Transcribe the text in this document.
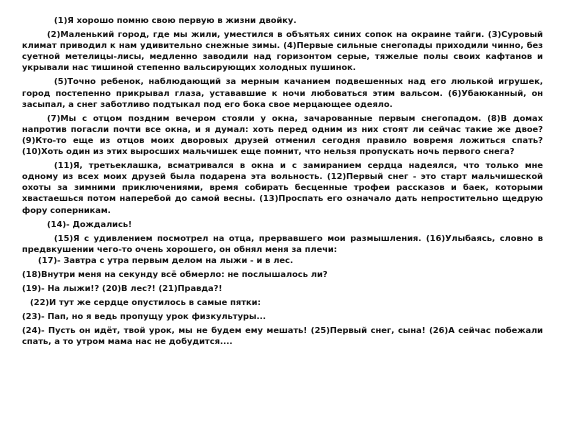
(1)Я хорошо помню свою первую в жизни двойку.

(2)Маленький город, где мы жили, уместился в объятьях синих сопок на окраине тайги. (3)Суровый климат приводил к нам удивительно снежные зимы. (4)Первые сильные снегопады приходили чинно, без суетной метелицы-лисы, медленно заводили над горизонтом серые, тяжелые полы своих кафтанов и укрывали нас тишиной степенно вальсирующих холодных пушинок.

(5)Точно ребенок, наблюдающий за мерным качанием подвешенных над его люлькой игрушек, город постепенно прикрывал глаза, устававшие к ночи любоваться этим вальсом. (6)Убаюканный, он засыпал, а снег заботливо подтыкал под его бока свое мерцающее одеяло.

(7)Мы с отцом поздним вечером стояли у окна, зачарованные первым снегопадом. (8)В домах напротив погасли почти все окна, и я думал: хоть перед одним из них стоят ли сейчас такие же двое? (9)Кто-то еще из отцов моих дворовых друзей отменил сегодня правило вовремя ложиться спать? (10)Хоть один из этих выросших мальчишек еще помнит, что нельзя пропускать ночь первого снега?

(11)Я, третьеклашка, всматривался в окна и с замиранием сердца надеялся, что только мне одному из всех моих друзей была подарена эта вольность. (12)Первый снег - это старт мальчишеской охоты за зимними приключениями, время собирать бесценные трофеи рассказов и баек, которыми хвастаешься потом наперебой до самой весны. (13)Проспать его означало дать непростительно щедрую фору соперникам.

(14)- Дождались!

(15)Я с удивлением посмотрел на отца, прервавшего мои размышления. (16)Улыбаясь, словно в предвкушении чего-то очень хорошего, он обнял меня за плечи:

(17)- Завтра с утра первым делом на лыжи - и в лес.

(18)Внутри меня на секунду всё обмерло: не послышалось ли?

(19)- На лыжи!? (20)В лес?! (21)Правда?!

(22)И тут же сердце опустилось в самые пятки:

(23)- Пап, но я ведь пропущу урок физкультуры...

(24)- Пусть он идёт, твой урок, мы не будем ему мешать! (25)Первый снег, сына! (26)А сейчас побежали спать, а то утром мама нас не добудится....
